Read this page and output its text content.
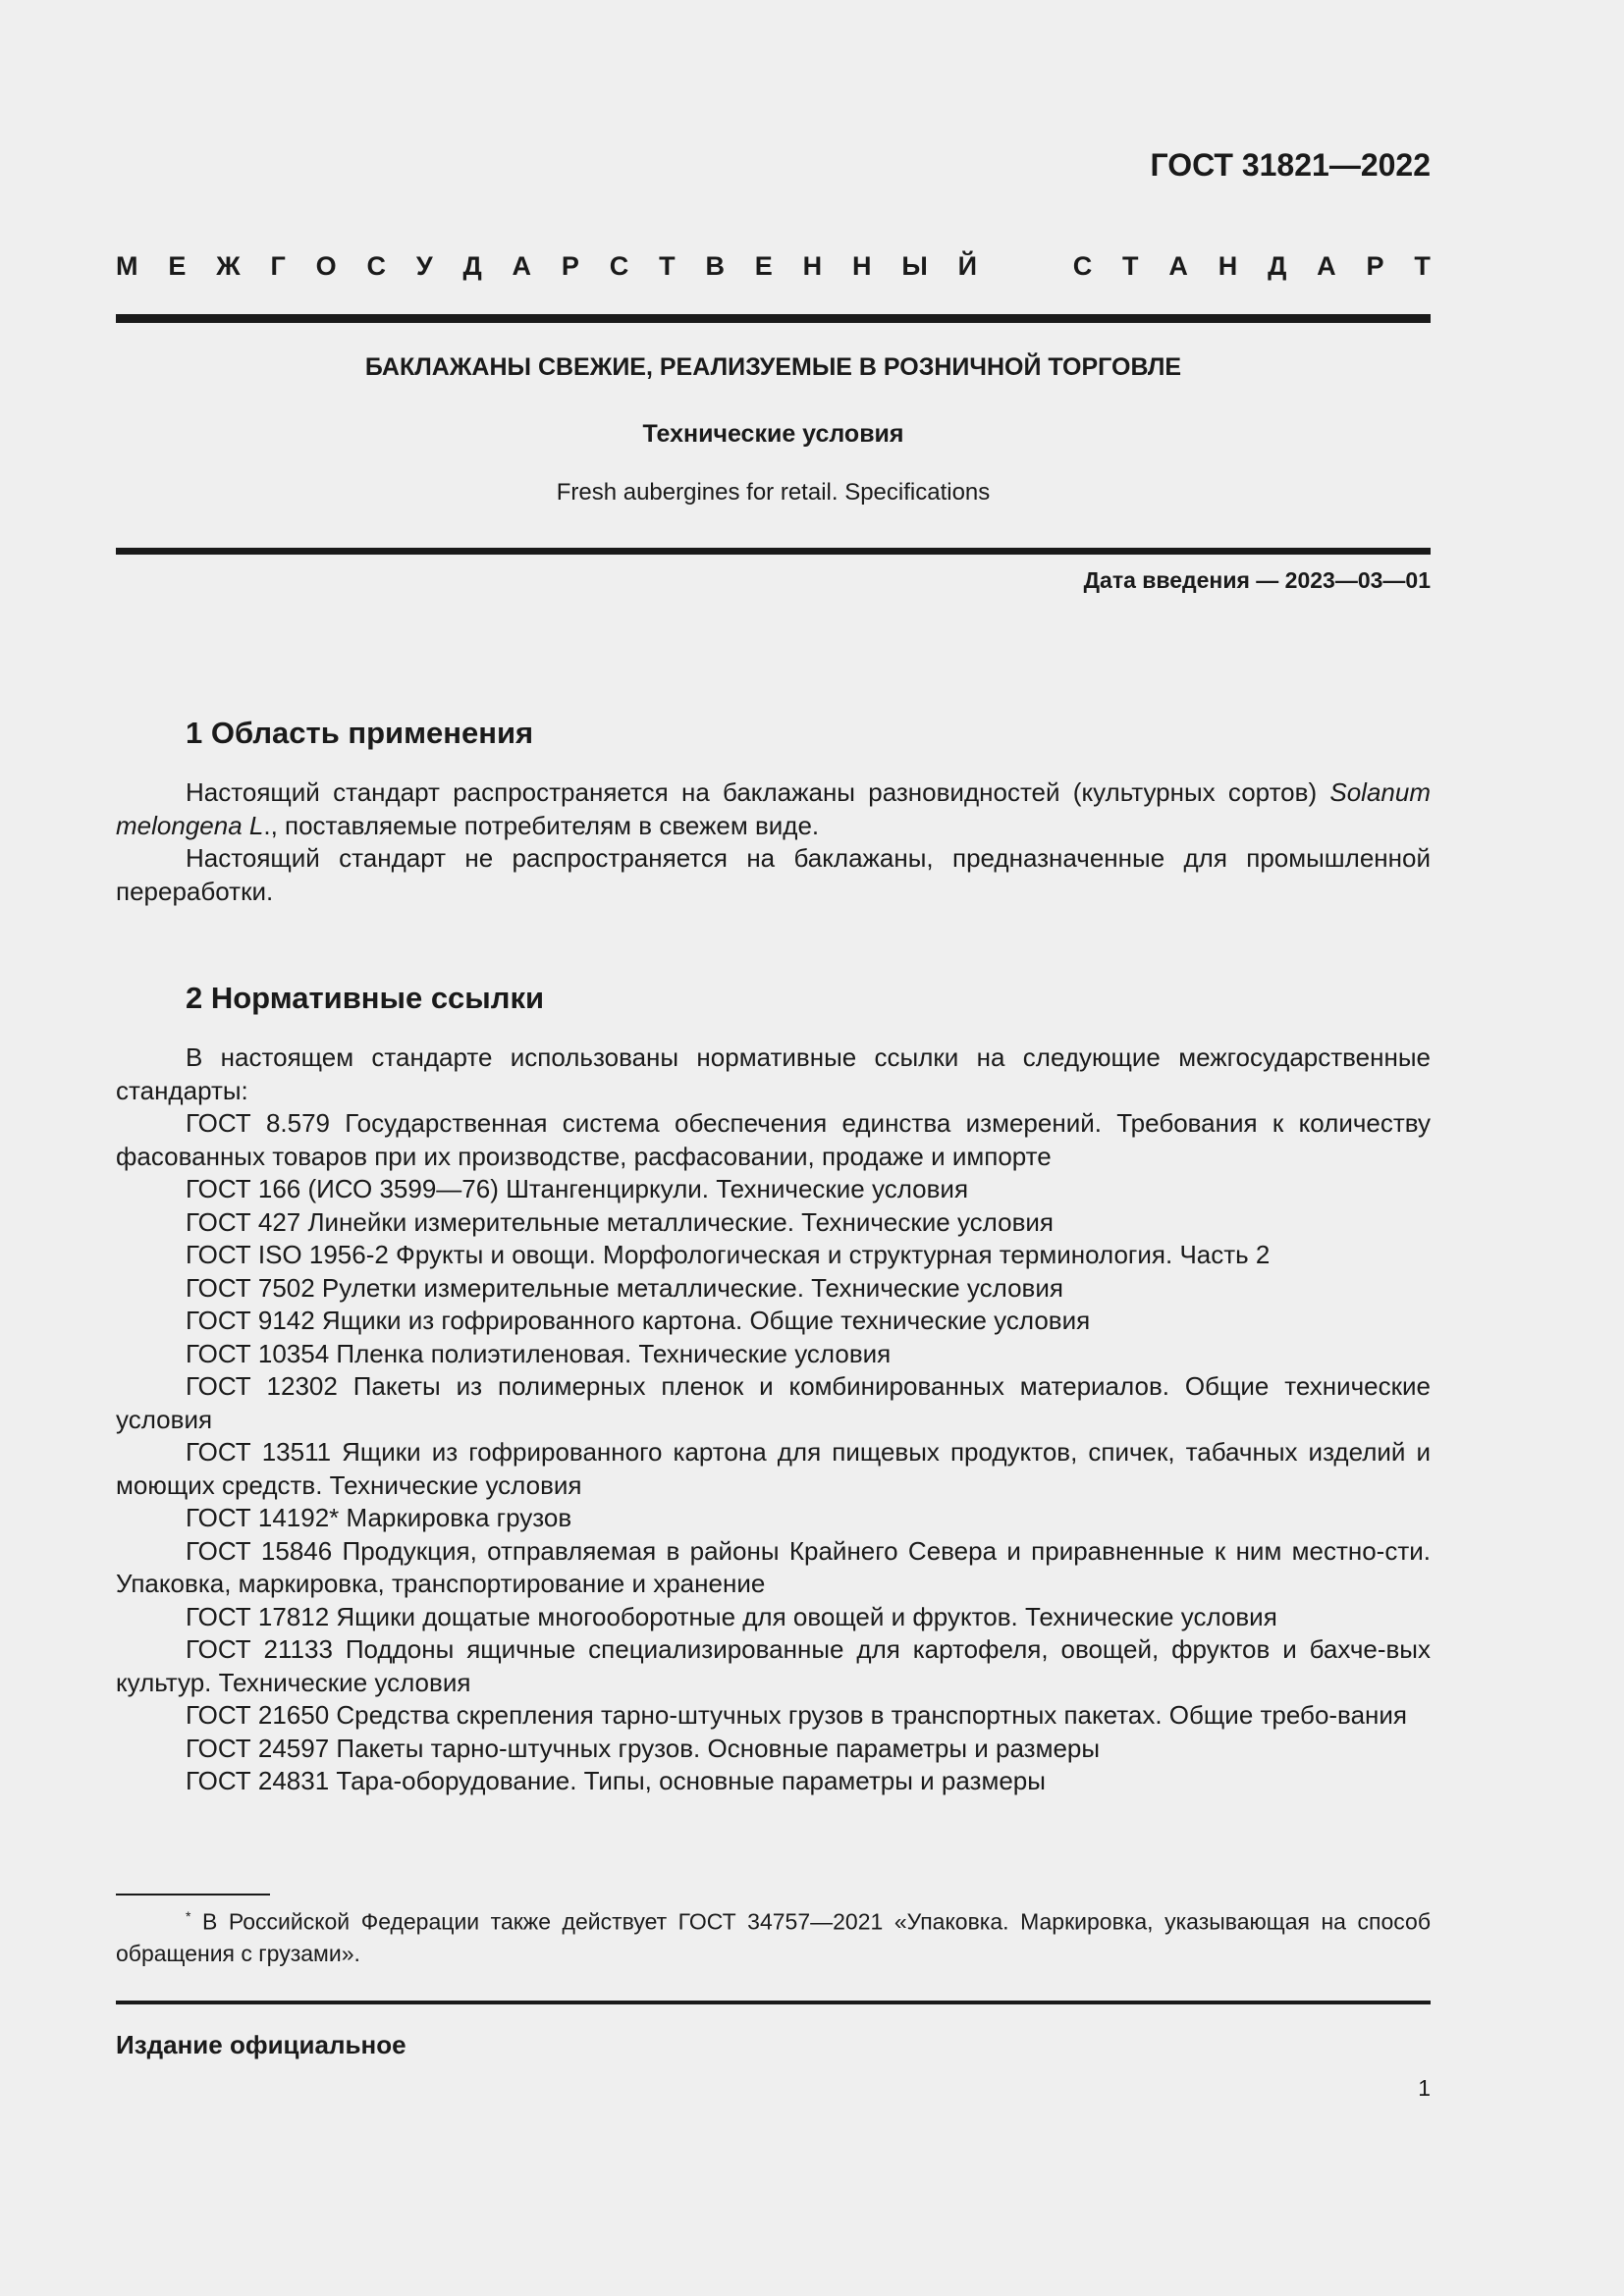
ГОСТ 31821—2022
М Е Ж Г О С У Д А Р С Т В Е Н Н Ы Й	С Т А Н Д А Р Т
БАКЛАЖАНЫ СВЕЖИЕ, РЕАЛИЗУЕМЫЕ В РОЗНИЧНОЙ ТОРГОВЛЕ
Технические условия
Fresh aubergines for retail. Specifications
Дата введения — 2023—03—01
1 Область применения

Настоящий стандарт распространяется на баклажаны разновидностей (культурных сортов) Solanum melongena L., поставляемые потребителям в свежем виде.

Настоящий стандарт не распространяется на баклажаны, предназначенные для промышленной переработки.

2 Нормативные ссылки

В настоящем стандарте использованы нормативные ссылки на следующие межгосударственные стандарты:

ГОСТ 8.579 Государственная система обеспечения единства измерений. Требования к количеству фасованных товаров при их производстве, расфасовании, продаже и импорте

ГОСТ 166 (ИСО 3599—76) Штангенциркули. Технические условия

ГОСТ 427 Линейки измерительные металлические. Технические условия

ГОСТ ISO 1956-2 Фрукты и овощи. Морфологическая и структурная терминология. Часть 2

ГОСТ 7502 Рулетки измерительные металлические. Технические условия

ГОСТ 9142 Ящики из гофрированного картона. Общие технические условия

ГОСТ 10354 Пленка полиэтиленовая. Технические условия

ГОСТ 12302 Пакеты из полимерных пленок и комбинированных материалов. Общие технические условия

ГОСТ 13511 Ящики из гофрированного картона для пищевых продуктов, спичек, табачных изделий и моющих средств. Технические условия

ГОСТ 14192* Маркировка грузов

ГОСТ 15846 Продукция, отправляемая в районы Крайнего Севера и приравненные к ним местно-сти. Упаковка, маркировка, транспортирование и хранение

ГОСТ 17812 Ящики дощатые многооборотные для овощей и фруктов. Технические условия

ГОСТ 21133 Поддоны ящичные специализированные для картофеля, овощей, фруктов и бахче-вых культур. Технические условия

ГОСТ 21650 Средства скрепления тарно-штучных грузов в транспортных пакетах. Общие требо-вания

ГОСТ 24597 Пакеты тарно-штучных грузов. Основные параметры и размеры

ГОСТ 24831 Тара-оборудование. Типы, основные параметры и размеры

* В Российской Федерации также действует ГОСТ 34757—2021 «Упаковка. Маркировка, указывающая на способ обращения с грузами».

Издание официальное
1
